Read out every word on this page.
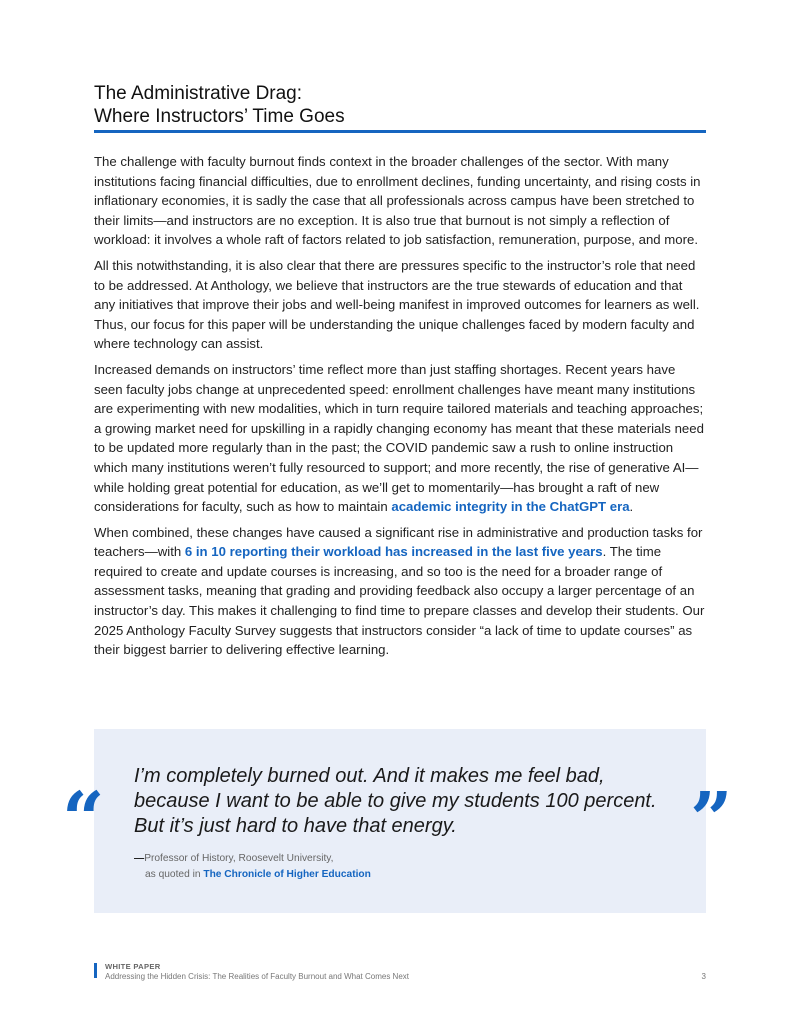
The Administrative Drag:
Where Instructors’ Time Goes

The challenge with faculty burnout finds context in the broader challenges of the sector. With many institutions facing financial difficulties, due to enrollment declines, funding uncertainty, and rising costs in inflationary economies, it is sadly the case that all professionals across campus have been stretched to their limits—and instructors are no exception. It is also true that burnout is not simply a reflection of workload: it involves a whole raft of factors related to job satisfaction, remuneration, purpose, and more.

All this notwithstanding, it is also clear that there are pressures specific to the instructor’s role that need to be addressed. At Anthology, we believe that instructors are the true stewards of education and that any initiatives that improve their jobs and well-being manifest in improved outcomes for learners as well. Thus, our focus for this paper will be understanding the unique challenges faced by modern faculty and where technology can assist.

Increased demands on instructors’ time reflect more than just staffing shortages. Recent years have seen faculty jobs change at unprecedented speed: enrollment challenges have meant many institutions are experimenting with new modalities, which in turn require tailored materials and teaching approaches; a growing market need for upskilling in a rapidly changing economy has meant that these materials need to be updated more regularly than in the past; the COVID pandemic saw a rush to online instruction which many institutions weren’t fully resourced to support; and more recently, the rise of generative AI—while holding great potential for education, as we’ll get to momentarily—has brought a raft of new considerations for faculty, such as how to maintain academic integrity in the ChatGPT era.

When combined, these changes have caused a significant rise in administrative and production tasks for teachers—with 6 in 10 reporting their workload has increased in the last five years. The time required to create and update courses is increasing, and so too is the need for a broader range of assessment tasks, meaning that grading and providing feedback also occupy a larger percentage of an instructor’s day. This makes it challenging to find time to prepare classes and develop their students. Our 2025 Anthology Faculty Survey suggests that instructors consider “a lack of time to update courses” as their biggest barrier to delivering effective learning.

“	”
I’m completely burned out. And it makes me feel bad, because I want to be able to give my students 100 percent. But it’s just hard to have that energy.
—Professor of History, Roosevelt University,
as quoted in The Chronicle of Higher Education
WHITE PAPER
Addressing the Hidden Crisis: The Realities of Faculty Burnout and What Comes Next	3
